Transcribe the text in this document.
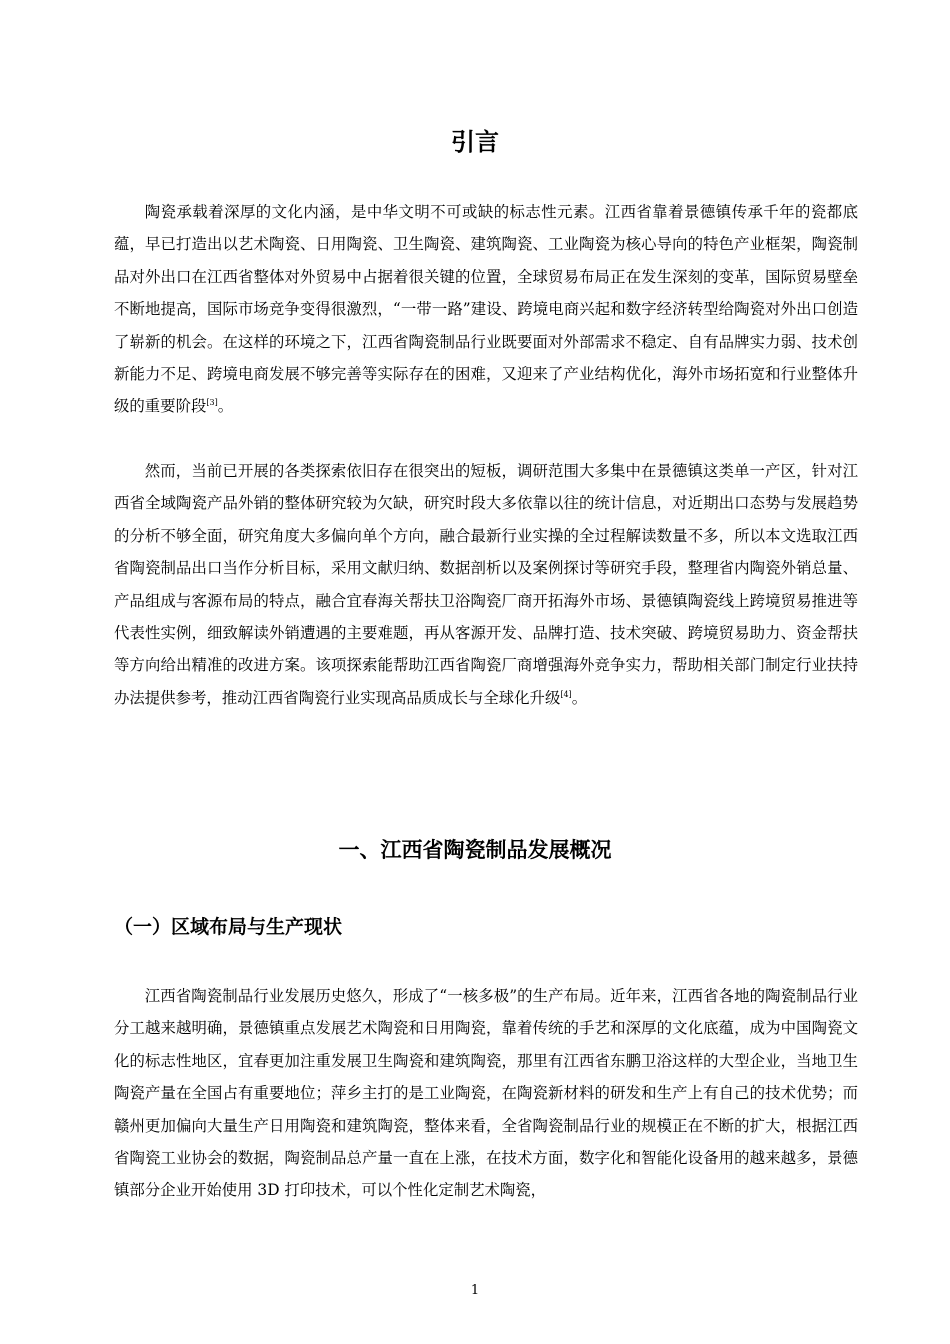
引言

陶瓷承载着深厚的文化内涵，是中华文明不可或缺的标志性元素。江西省靠着景德镇传承千年的瓷都底蕴，早已打造出以艺术陶瓷、日用陶瓷、卫生陶瓷、建筑陶瓷、工业陶瓷为核心导向的特色产业框架，陶瓷制品对外出口在江西省整体对外贸易中占据着很关键的位置，全球贸易布局正在发生深刻的变革，国际贸易壁垒不断地提高，国际市场竞争变得很激烈，“一带一路”建设、跨境电商兴起和数字经济转型给陶瓷对外出口创造了崭新的机会。在这样的环境之下，江西省陶瓷制品行业既要面对外部需求不稳定、自有品牌实力弱、技术创新能力不足、跨境电商发展不够完善等实际存在的困难，又迎来了产业结构优化，海外市场拓宽和行业整体升级的重要阶段[3]。

然而，当前已开展的各类探索依旧存在很突出的短板，调研范围大多集中在景德镇这类单一产区，针对江西省全域陶瓷产品外销的整体研究较为欠缺，研究时段大多依靠以往的统计信息，对近期出口态势与发展趋势的分析不够全面，研究角度大多偏向单个方向，融合最新行业实操的全过程解读数量不多，所以本文选取江西省陶瓷制品出口当作分析目标，采用文献归纳、数据剖析以及案例探讨等研究手段，整理省内陶瓷外销总量、产品组成与客源布局的特点，融合宜春海关帮扶卫浴陶瓷厂商开拓海外市场、景德镇陶瓷线上跨境贸易推进等代表性实例，细致解读外销遭遇的主要难题，再从客源开发、品牌打造、技术突破、跨境贸易助力、资金帮扶等方向给出精准的改进方案。该项探索能帮助江西省陶瓷厂商增强海外竞争实力，帮助相关部门制定行业扶持办法提供参考，推动江西省陶瓷行业实现高品质成长与全球化升级[4]。

一、江西省陶瓷制品发展概况
（一）区域布局与生产现状

江西省陶瓷制品行业发展历史悠久，形成了“一核多极”的生产布局。近年来，江西省各地的陶瓷制品行业分工越来越明确，景德镇重点发展艺术陶瓷和日用陶瓷，靠着传统的手艺和深厚的文化底蕴，成为中国陶瓷文化的标志性地区，宜春更加注重发展卫生陶瓷和建筑陶瓷，那里有江西省东鹏卫浴这样的大型企业，当地卫生陶瓷产量在全国占有重要地位；萍乡主打的是工业陶瓷，在陶瓷新材料的研发和生产上有自己的技术优势；而赣州更加偏向大量生产日用陶瓷和建筑陶瓷，整体来看，全省陶瓷制品行业的规模正在不断的扩大，根据江西省陶瓷工业协会的数据，陶瓷制品总产量一直在上涨，在技术方面，数字化和智能化设备用的越来越多，景德镇部分企业开始使用 3D 打印技术，可以个性化定制艺术陶瓷，

1
